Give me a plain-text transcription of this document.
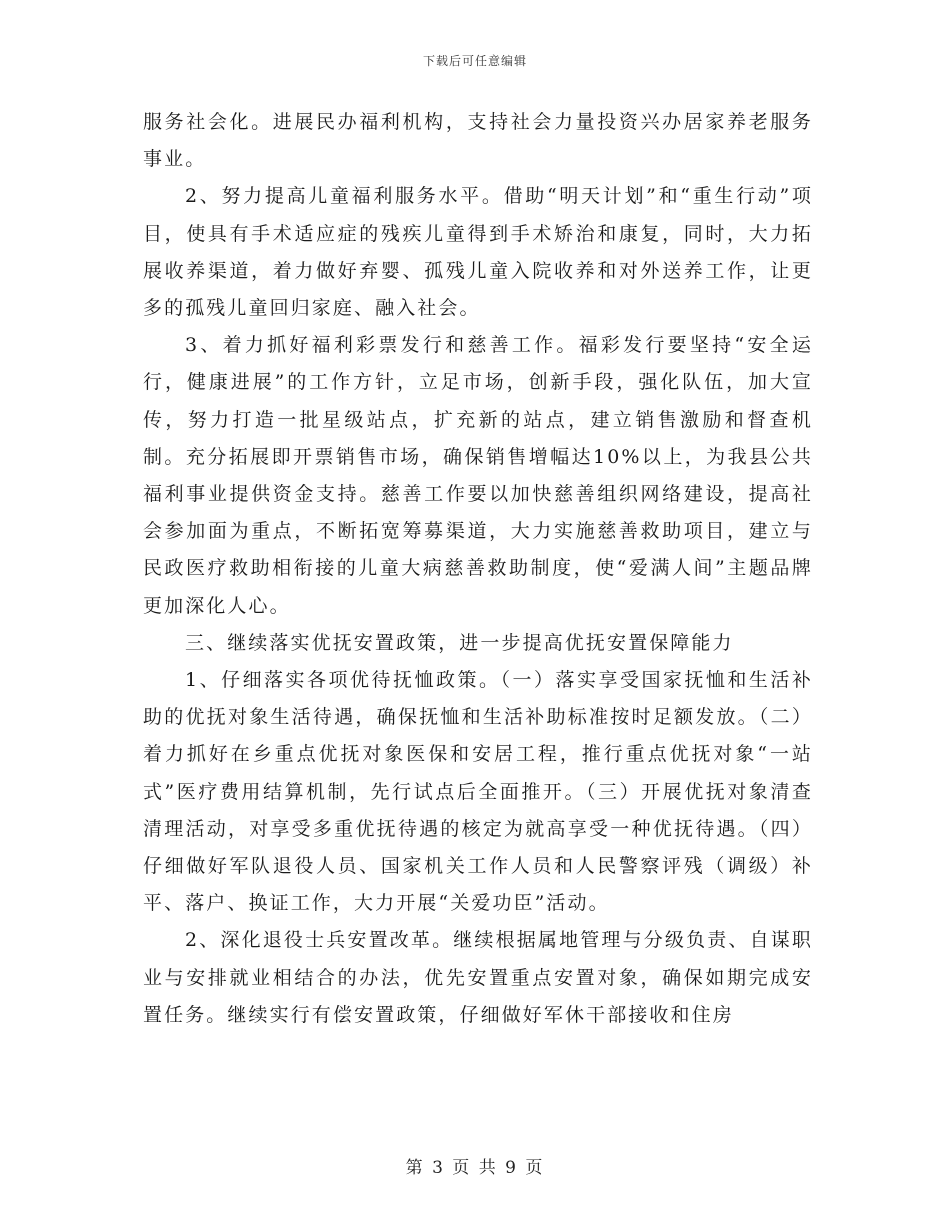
下载后可任意编辑

服务社会化。进展民办福利机构，支持社会力量投资兴办居家养老服务事业。

2、努力提高儿童福利服务水平。借助“明天计划”和“重生行动”项目，使具有手术适应症的残疾儿童得到手术矫治和康复，同时，大力拓展收养渠道，着力做好弃婴、孤残儿童入院收养和对外送养工作，让更多的孤残儿童回归家庭、融入社会。

3、着力抓好福利彩票发行和慈善工作。福彩发行要坚持“安全运行，健康进展”的工作方针，立足市场，创新手段，强化队伍，加大宣传，努力打造一批星级站点，扩充新的站点，建立销售激励和督查机制。充分拓展即开票销售市场，确保销售增幅达10%以上，为我县公共福利事业提供资金支持。慈善工作要以加快慈善组织网络建设，提高社会参加面为重点，不断拓宽筹募渠道，大力实施慈善救助项目，建立与民政医疗救助相衔接的儿童大病慈善救助制度，使“爱满人间”主题品牌更加深化人心。

三、继续落实优抚安置政策，进一步提高优抚安置保障能力

1、仔细落实各项优待抚恤政策。（一）落实享受国家抚恤和生活补助的优抚对象生活待遇，确保抚恤和生活补助标准按时足额发放。（二）着力抓好在乡重点优抚对象医保和安居工程，推行重点优抚对象“一站式”医疗费用结算机制，先行试点后全面推开。（三）开展优抚对象清查清理活动，对享受多重优抚待遇的核定为就高享受一种优抚待遇。（四）仔细做好军队退役人员、国家机关工作人员和人民警察评残（调级）补平、落户、换证工作，大力开展“关爱功臣”活动。

2、深化退役士兵安置改革。继续根据属地管理与分级负责、自谋职业与安排就业相结合的办法，优先安置重点安置对象，确保如期完成安置任务。继续实行有偿安置政策，仔细做好军休干部接收和住房

第 3 页 共 9 页
